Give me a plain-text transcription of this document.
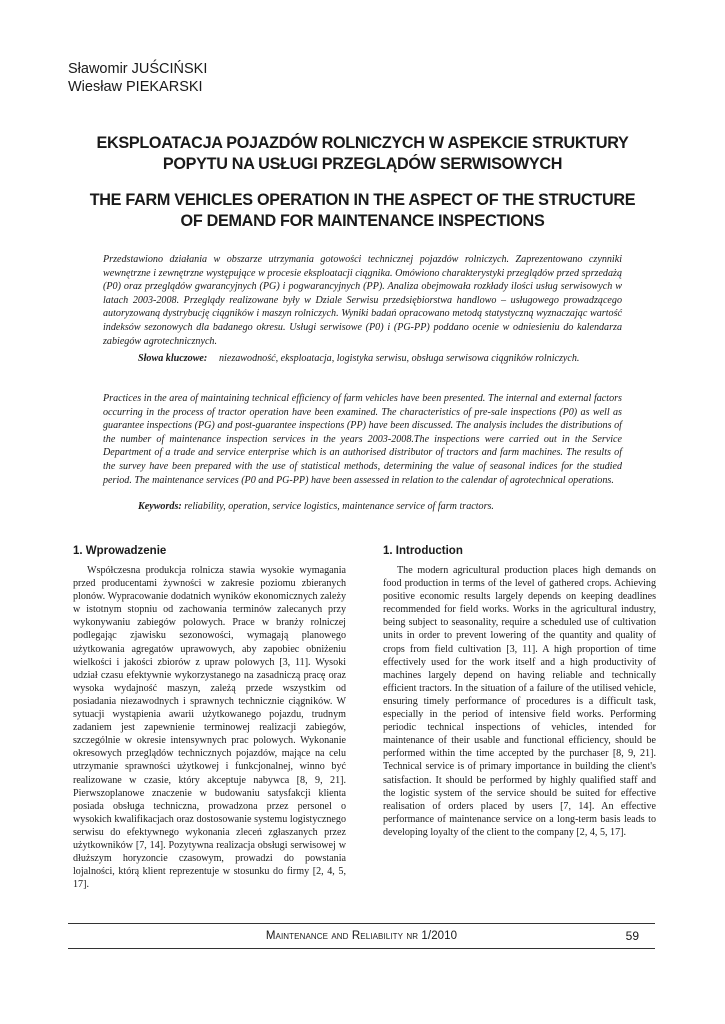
Sławomir JUŚCIŃSKI
Wiesław PIEKARSKI
EKSPLOATACJA POJAZDÓW ROLNICZYCH W ASPEKCIE STRUKTURY
POPYTU NA USŁUGI PRZEGLĄDÓW SERWISOWYCH
THE FARM VEHICLES OPERATION IN THE ASPECT OF THE STRUCTURE
OF DEMAND FOR MAINTENANCE INSPECTIONS
Przedstawiono działania w obszarze utrzymania gotowości technicznej pojazdów rolniczych. Zaprezentowano czynniki wewnętrzne i zewnętrzne występujące w procesie eksploatacji ciągnika. Omówiono charakterystyki przeglądów przed sprzedażą (P0) oraz przeglądów gwarancyjnych (PG) i pogwarancyjnych (PP). Analiza obejmowała rozkłady ilości usług serwisowych w latach 2003-2008. Przeglądy realizowane były w Dziale Serwisu przedsiębiorstwa handlowo – usługowego prowadzącego autoryzowaną dystrybucję ciągników i maszyn rolniczych. Wyniki badań opracowano metodą statystyczną wyznaczając wartość indeksów sezonowych dla badanego okresu. Usługi serwisowe (P0) i (PG-PP) poddano ocenie w odniesieniu do kalendarza zabiegów agrotechnicznych.
Słowa kluczowe:	niezawodność, eksploatacja, logistyka serwisu, obsługa serwisowa ciągników rolniczych.
Practices in the area of maintaining technical efficiency of farm vehicles have been presented. The internal and external factors occurring in the process of tractor operation have been examined. The characteristics of pre-sale inspections (P0) as well as guarantee inspections (PG) and post-guarantee inspections (PP) have been discussed. The analysis includes the distributions of the number of maintenance inspection services in the years 2003-2008.The inspections were carried out in the Service Department of a trade and service enterprise which is an authorised distributor of tractors and farm machines. The results of the survey have been prepared with the use of statistical methods, determining the value of seasonal indices for the studied period. The maintenance services (P0 and PG-PP) have been assessed in relation to the calendar of agrotechnical operations.
Keywords: reliability, operation, service logistics, maintenance service of farm tractors.
1. Wprowadzenie	1. Introduction

Współczesna produkcja rolnicza stawia wysokie wymagania przed producentami żywności w zakresie poziomu zbieranych plonów. Wypracowanie dodatnich wyników ekonomicznych zależy w istotnym stopniu od zachowania terminów zalecanych przy wykonywaniu zabiegów polowych. Prace w branży rolniczej podlegając zjawisku sezonowości, wymagają planowego użytkowania agregatów uprawowych, aby zapobiec obniżeniu wielkości i jakości zbiorów z upraw polowych [3, 11]. Wysoki udział czasu efektywnie wykorzystanego na zasadniczą pracę oraz wysoka wydajność maszyn, zależą przede wszystkim od posiadania niezawodnych i sprawnych technicznie ciągników. W sytuacji wystąpienia awarii użytkowanego pojazdu, trudnym zadaniem jest zapewnienie terminowej realizacji zabiegów, szczególnie w okresie intensywnych prac polowych. Wykonanie okresowych przeglądów technicznych pojazdów, mające na celu utrzymanie sprawności użytkowej i funkcjonalnej, winno być realizowane w czasie, który akceptuje nabywca [8, 9, 21]. Pierwszoplanowe znaczenie w budowaniu satysfakcji klienta posiada obsługa techniczna, prowadzona przez personel o wysokich kwalifikacjach oraz dostosowanie systemu logistycznego serwisu do efektywnego wykonania zleceń zgłaszanych przez użytkowników [7, 14]. Pozytywna realizacja obsługi serwisowej w dłuższym horyzoncie czasowym, prowadzi do powstania lojalności, którą klient reprezentuje w stosunku do firmy [2, 4, 5, 17].

The modern agricultural production places high demands on food production in terms of the level of gathered crops. Achieving positive economic results largely depends on keeping deadlines recommended for field works. Works in the agricultural industry, being subject to seasonality, require a scheduled use of cultivation units in order to prevent lowering of the quantity and quality of crops from field cultivation [3, 11]. A high proportion of time effectively used for the work itself and a high productivity of machines largely depend on having reliable and technically efficient tractors. In the situation of a failure of the utilised vehicle, ensuring timely performance of procedures is a difficult task, especially in the period of intensive field works. Performing periodic technical inspections of vehicles, intended for maintenance of their usable and functional efficiency, should be performed within the time accepted by the purchaser [8, 9, 21]. Technical service is of primary importance in building the client's satisfaction. It should be performed by highly qualified staff and the logistic system of the service should be suited for effective realisation of orders placed by users [7, 14]. An effective performance of maintenance service on a long-term basis leads to developing loyalty of the client to the company [2, 4, 5, 17].

Maintenance and Reliability nr 1/2010	59
